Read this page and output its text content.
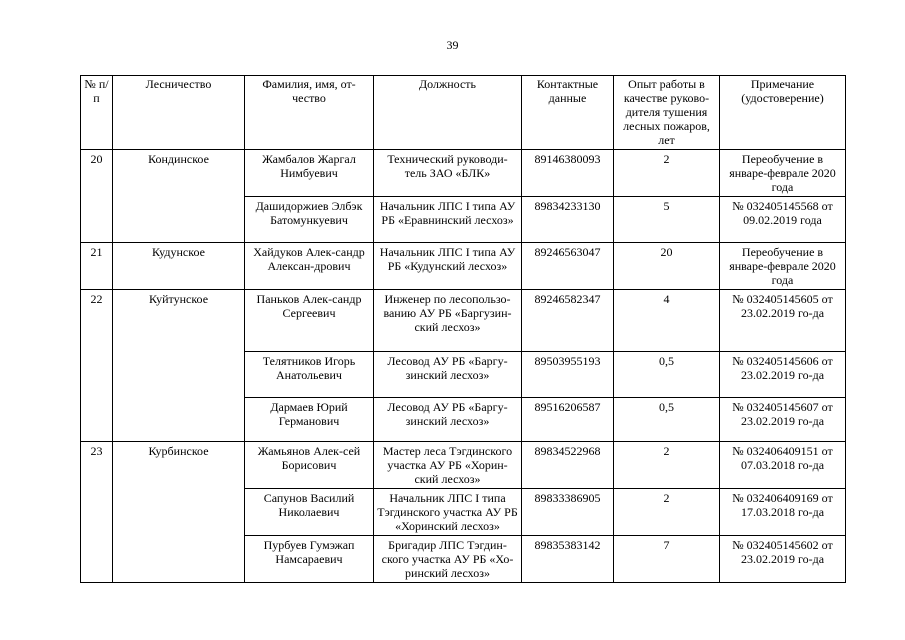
39
№ п/п	Лесничество	Фамилия, имя, от-чество	Должность	Контактные данные	Опыт работы в качестве руково-дителя тушения лесных пожаров, лет	Примечание (удостоверение)
20	Кондинское	Жамбалов Жаргал Нимбуевич	Технический руководи-тель ЗАО «БЛК»	89146380093	2	Переобучение в январе-феврале 2020 года
		Дашидоржиев Элбэк Батомункуевич	Начальник ЛПС I типа АУ РБ «Еравнинский лесхоз»	89834233130	5	№ 032405145568 от 09.02.2019 года
21	Кудунское	Хайдуков Алек-сандр Алексан-дрович	Начальник ЛПС I типа АУ РБ «Кудунский лесхоз»	89246563047	20	Переобучение в январе-феврале 2020 года
22	Куйтунское	Паньков Алек-сандр Сергеевич	Инженер по лесопользо-ванию АУ РБ «Баргузин-ский лесхоз»	89246582347	4	№ 032405145605 от 23.02.2019 го-да
		Телятников Игорь Анатольевич	Лесовод АУ РБ «Баргу-зинский лесхоз»	89503955193	0,5	№ 032405145606 от 23.02.2019 го-да
		Дармаев Юрий Германович	Лесовод АУ РБ «Баргу-зинский лесхоз»	89516206587	0,5	№ 032405145607 от 23.02.2019 го-да
23	Курбинское	Жамьянов Алек-сей Борисович	Мастер леса Тэгдинского участка АУ РБ «Хорин-ский лесхоз»	89834522968	2	№ 032406409151 от 07.03.2018 го-да
		Сапунов Василий Николаевич	Начальник ЛПС I типа Тэгдинского участка АУ РБ «Хоринский лесхоз»	89833386905	2	№ 032406409169 от 17.03.2018 го-да
		Пурбуев Гумэжап Намсараевич	Бригадир ЛПС Тэгдин-ского участка АУ РБ «Хо-ринский лесхоз»	89835383142	7	№ 032405145602 от 23.02.2019 го-да
